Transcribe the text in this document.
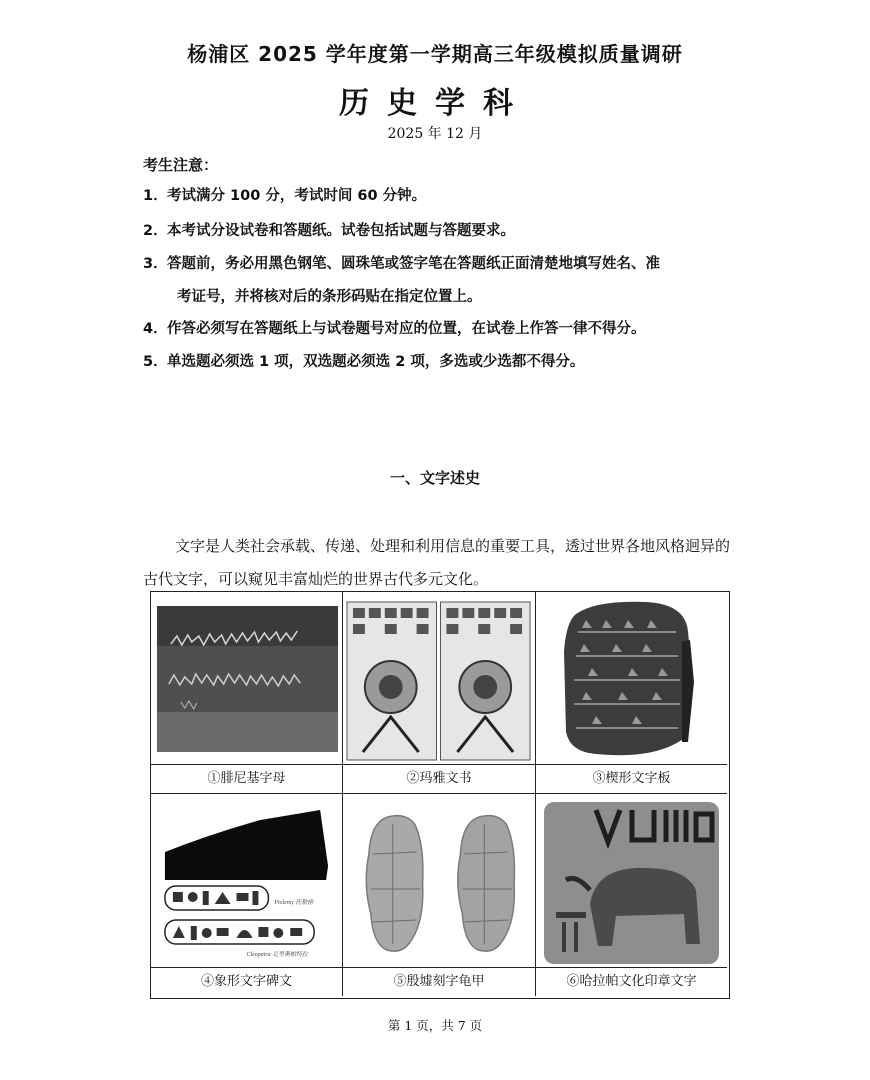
杨浦区 2025 学年度第一学期高三年级模拟质量调研
历史学科
2025 年 12 月
考生注意：
1．考试满分 100 分，考试时间 60 分钟。
2．本考试分设试卷和答题纸。试卷包括试题与答题要求。
3．答题前，务必用黑色钢笔、圆珠笔或签字笔在答题纸正面清楚地填写姓名、准
考证号，并将核对后的条形码贴在指定位置上。
4．作答必须写在答题纸上与试卷题号对应的位置，在试卷上作答一律不得分。
5．单选题必须选 1 项，双选题必须选 2 项，多选或少选都不得分。
一、文字述史
文字是人类社会承载、传递、处理和利用信息的重要工具，透过世界各地风格迥异的古代文字，可以窥见丰富灿烂的世界古代多元文化。
①腓尼基字母	②玛雅文书	③楔形文字板
Ptolemy 托勒密
Cleopatra 克里奥帕特拉
④象形文字碑文	⑤殷墟刻字龟甲	⑥哈拉帕文化印章文字
第 1 页，共 7 页
